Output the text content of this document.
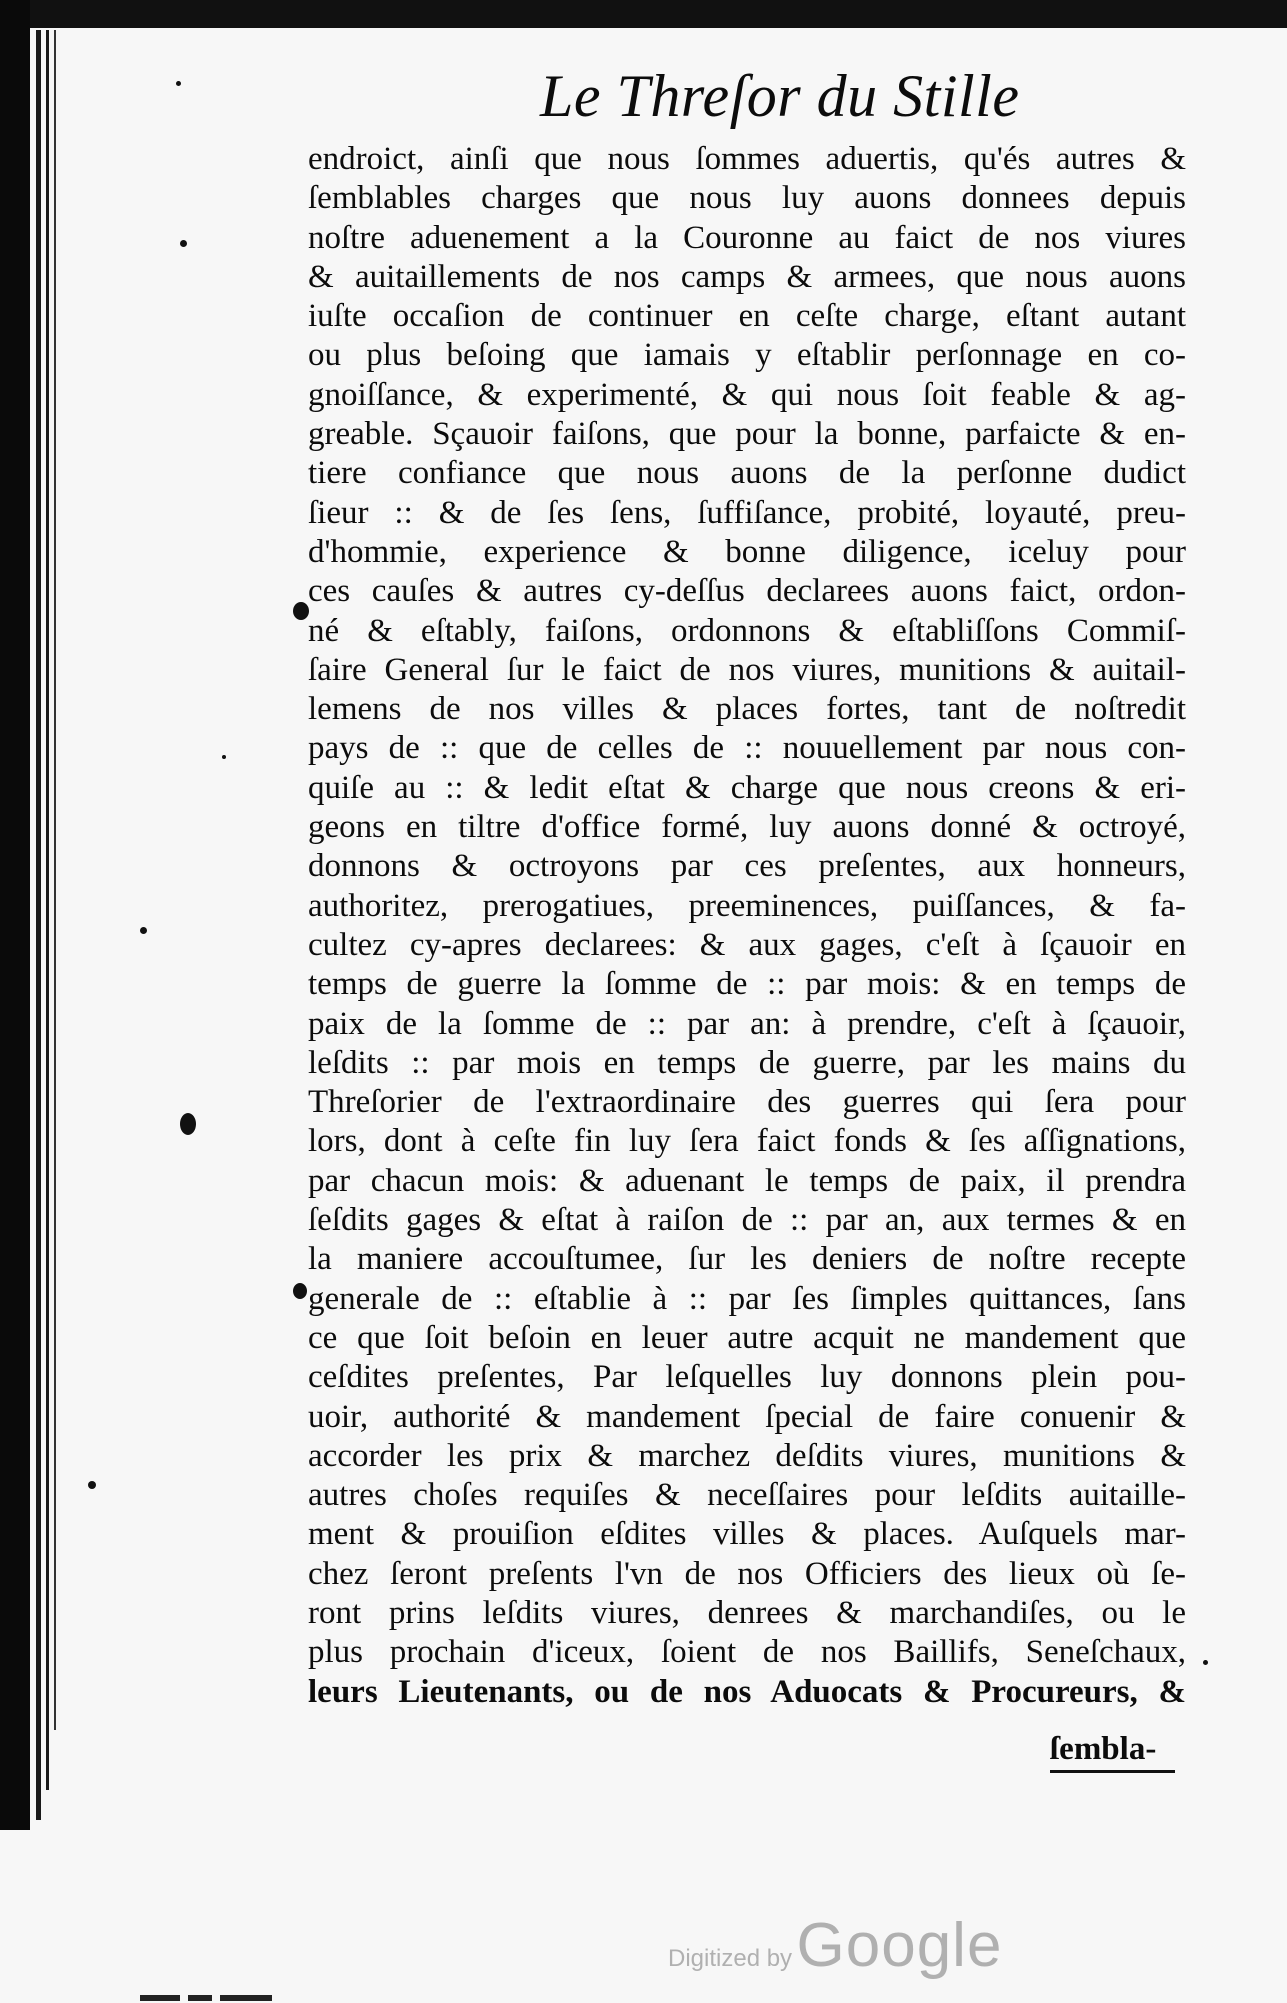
Le Threſor du Stille
endroict, ainſi que nous ſommes aduertis, qu'és autres &
ſemblables charges que nous luy auons donnees depuis
noſtre aduenement a la Couronne au faict de nos viures
& auitaillements de nos camps & armees, que nous auons
iuſte occaſion de continuer en ceſte charge, eſtant autant
ou plus beſoing que iamais y eſtablir perſonnage en co-
gnoiſſance, & experimenté, & qui nous ſoit feable & ag-
greable. Sçauoir faiſons, que pour la bonne, parfaicte & en-
tiere confiance que nous auons de la perſonne dudict
ſieur :: & de ſes ſens, ſuffiſance, probité, loyauté, preu-
d'hommie, experience & bonne diligence, iceluy pour
ces cauſes & autres cy-deſſus declarees auons faict, ordon-
né & eſtably, faiſons, ordonnons & eſtabliſſons Commiſ-
ſaire General ſur le faict de nos viures, munitions & auitail-
lemens de nos villes & places fortes, tant de noſtredit
pays de :: que de celles de :: nouuellement par nous con-
quiſe au :: & ledit eſtat & charge que nous creons & eri-
geons en tiltre d'office formé, luy auons donné & octroyé,
donnons & octroyons par ces preſentes, aux honneurs,
authoritez, prerogatiues, preeminences, puiſſances, & fa-
cultez cy-apres declarees: & aux gages, c'eſt à ſçauoir en
temps de guerre la ſomme de :: par mois: & en temps de
paix de la ſomme de :: par an: à prendre, c'eſt à ſçauoir,
leſdits :: par mois en temps de guerre, par les mains du
Threſorier de l'extraordinaire des guerres qui ſera pour
lors, dont à ceſte fin luy ſera faict fonds & ſes aſſignations,
par chacun mois: & aduenant le temps de paix, il prendra
ſeſdits gages & eſtat à raiſon de :: par an, aux termes & en
la maniere accouſtumee, ſur les deniers de noſtre recepte
generale de :: eſtablie à :: par ſes ſimples quittances, ſans
ce que ſoit beſoin en leuer autre acquit ne mandement que
ceſdites preſentes, Par leſquelles luy donnons plein pou-
uoir, authorité & mandement ſpecial de faire conuenir &
accorder les prix & marchez deſdits viures, munitions &
autres choſes requiſes & neceſſaires pour leſdits auitaille-
ment & prouiſion eſdites villes & places. Auſquels mar-
chez ſeront preſents l'vn de nos Officiers des lieux où ſe-
ront prins leſdits viures, denrees & marchandiſes, ou le
plus prochain d'iceux, ſoient de nos Baillifs, Seneſchaux,
leurs Lieutenants, ou de nos Aduocats & Procureurs, &
ſembla-
Digitized by Google
